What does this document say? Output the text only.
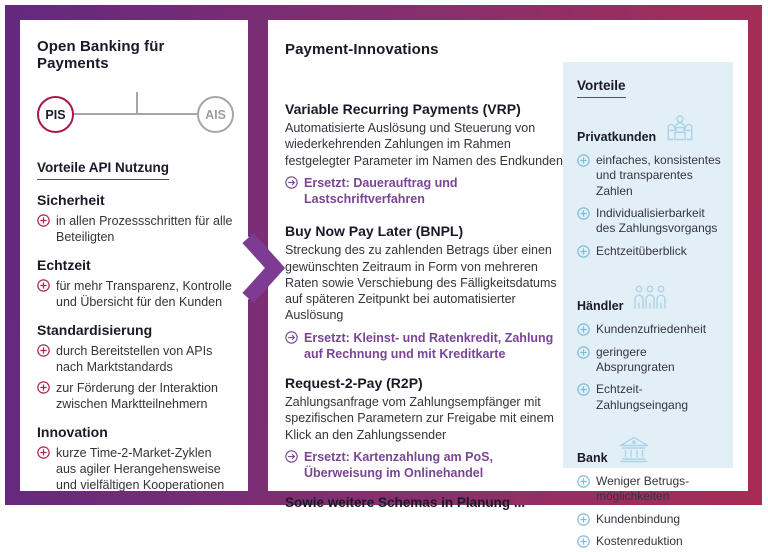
Open Banking für Payments
PIS	AIS
Vorteile API Nutzung
Sicherheit
in allen Prozessschritten für alle Beteiligten
Echtzeit
für mehr Transparenz, Kontrolle und Übersicht für den Kunden
Standardisierung
durch Bereitstellen von APIs nach Marktstandards
zur Förderung der Interaktion zwischen Marktteilnehmern
Innovation
kurze Time-2-Market-Zyklen aus agiler Herangehensweise und vielfältigen Kooperationen
Payment-Innovations
Variable Recurring Payments (VRP)
Automatisierte Auslösung und Steuerung von wiederkehrenden Zahlungen im Rahmen festgelegter Parameter im Namen des Endkunden
Ersetzt: Dauerauftrag und Lastschriftverfahren
Buy Now Pay Later (BNPL)
Streckung des zu zahlenden Betrags über einen gewünschten Zeitraum in Form von mehreren Raten sowie Verschiebung des Fälligkeitsdatums auf späteren Zeitpunkt bei automatisierter Auslösung
Ersetzt: Kleinst- und Ratenkredit, Zahlung auf Rechnung und mit Kreditkarte
Request-2-Pay (R2P)
Zahlungsanfrage vom Zahlungsempfänger mit spezifischen Parametern zur Freigabe mit einem Klick an den Zahlungssender
Ersetzt: Kartenzahlung am PoS, Überweisung im Onlinehandel
Sowie weitere Schemas in Planung ...
Vorteile
Privatkunden
einfaches, konsistentes und transparentes Zahlen
Individualisierbarkeit des Zahlungsvorgangs
Echtzeitüberblick
Händler
Kundenzufriedenheit
geringere Absprungraten
Echtzeit-Zahlungseingang
Bank
Weniger Betrugs-möglichkeiten
Kundenbindung
Kostenreduktion
